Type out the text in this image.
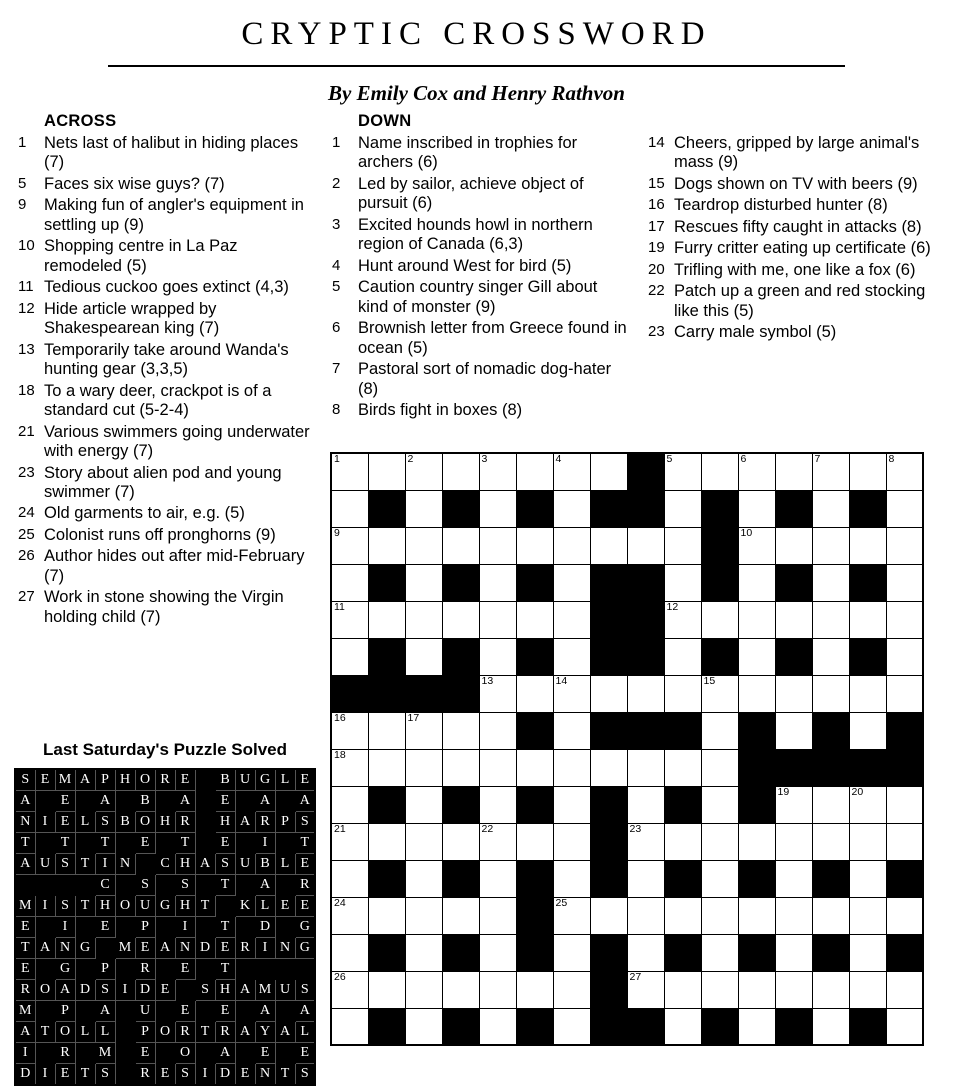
CRYPTIC CROSSWORD
By Emily Cox and Henry Rathvon
ACROSS
1	Nets last of halibut in hiding places (7)
5	Faces six wise guys? (7)
9	Making fun of angler's equipment in settling up (9)
10 Shopping centre in La Paz remodeled (5)
11 Tedious cuckoo goes extinct (4,3)
12 Hide article wrapped by Shakespearean king (7)
13 Temporarily take around Wanda's hunting gear (3,3,5)
18 To a wary deer, crackpot is of a standard cut (5-2-4)
21 Various swimmers going underwater with energy (7)
23 Story about alien pod and young swimmer (7)
24 Old garments to air, e.g. (5)
25 Colonist runs off pronghorns (9)
26 Author hides out after mid-February (7)
27 Work in stone showing the Virgin holding child (7)
DOWN
1	Name inscribed in trophies for archers (6)
2	Led by sailor, achieve object of pursuit (6)
3	Excited hounds howl in northern region of Canada (6,3)
4	Hunt around West for bird (5)
5	Caution country singer Gill about kind of monster (9)
6	Brownish letter from Greece found in ocean (5)
7	Pastoral sort of nomadic dog-hater (8)
8	Birds fight in boxes (8)
14 Cheers, gripped by large animal's mass (9)
15 Dogs shown on TV with beers (9)
16 Teardrop disturbed hunter (8)
17 Rescues fifty caught in attacks (8)
19 Furry critter eating up certificate (6)
20 Trifling with me, one like a fox (6)
22 Patch up a green and red stocking like this (5)
23 Carry male symbol (5)
Last Saturday's Puzzle Solved
S	E	M	A	P	H	O	R	E		B	U	G	L	E
A		E		A		B		A		E		A		A
N	I	E	L	S	B	O	H	R		H	A	R	P	S
T		T		T		E		T		E		I		T
A	U	S	T	I	N		C	H	A	S	U	B	L	E
				C		S		S		T		A		R
M	I	S	T	H	O	U	G	H	T		K	L	E	E
E		I		E		P		I		T		D		G
T	A	N	G		M	E	A	N	D	E	R	I	N	G
E		G		P		R		E		T				
R	O	A	D	S	I	D	E		S	H	A	M	U	S
M		P		A		U		E		E		A		A
A	T	O	L	L		P	O	R	T	R	A	Y	A	L
I		R		M		E		O		A		E		E
D	I	E	T	S		R	E	S	I	D	E	N	T	S
1		2		3		4			5		6		7		8

9											10				

11									12						

				13		14				15					

16		17													

18															

												19		20	

21				22				23							

24						25									

26								27							
